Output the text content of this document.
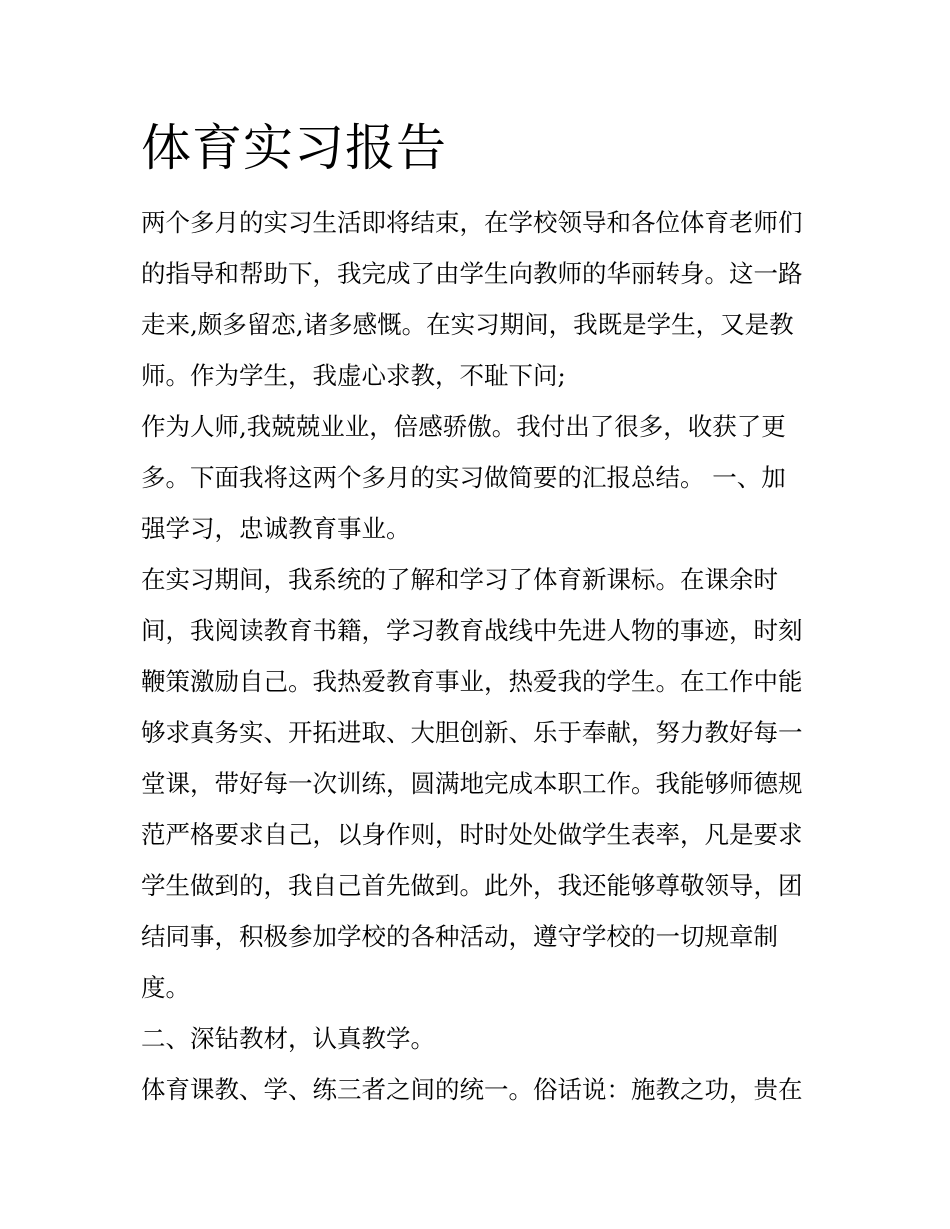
体育实习报告
两个多月的实习生活即将结束，在学校领导和各位体育老师们
的指导和帮助下，我完成了由学生向教师的华丽转身。这一路
走来,颇多留恋,诸多感慨。在实习期间，我既是学生，又是教
师。作为学生，我虚心求教，不耻下问;
作为人师,我兢兢业业，倍感骄傲。我付出了很多，收获了更
多。下面我将这两个多月的实习做简要的汇报总结。 一、加
强学习，忠诚教育事业。
在实习期间，我系统的了解和学习了体育新课标。在课余时
间，我阅读教育书籍，学习教育战线中先进人物的事迹，时刻
鞭策激励自己。我热爱教育事业，热爱我的学生。在工作中能
够求真务实、开拓进取、大胆创新、乐于奉献，努力教好每一
堂课，带好每一次训练，圆满地完成本职工作。我能够师德规
范严格要求自己，以身作则，时时处处做学生表率，凡是要求
学生做到的，我自己首先做到。此外，我还能够尊敬领导，团
结同事，积极参加学校的各种活动，遵守学校的一切规章制
度。
二、深钻教材，认真教学。
体育课教、学、练三者之间的统一。俗话说：施教之功，贵在
